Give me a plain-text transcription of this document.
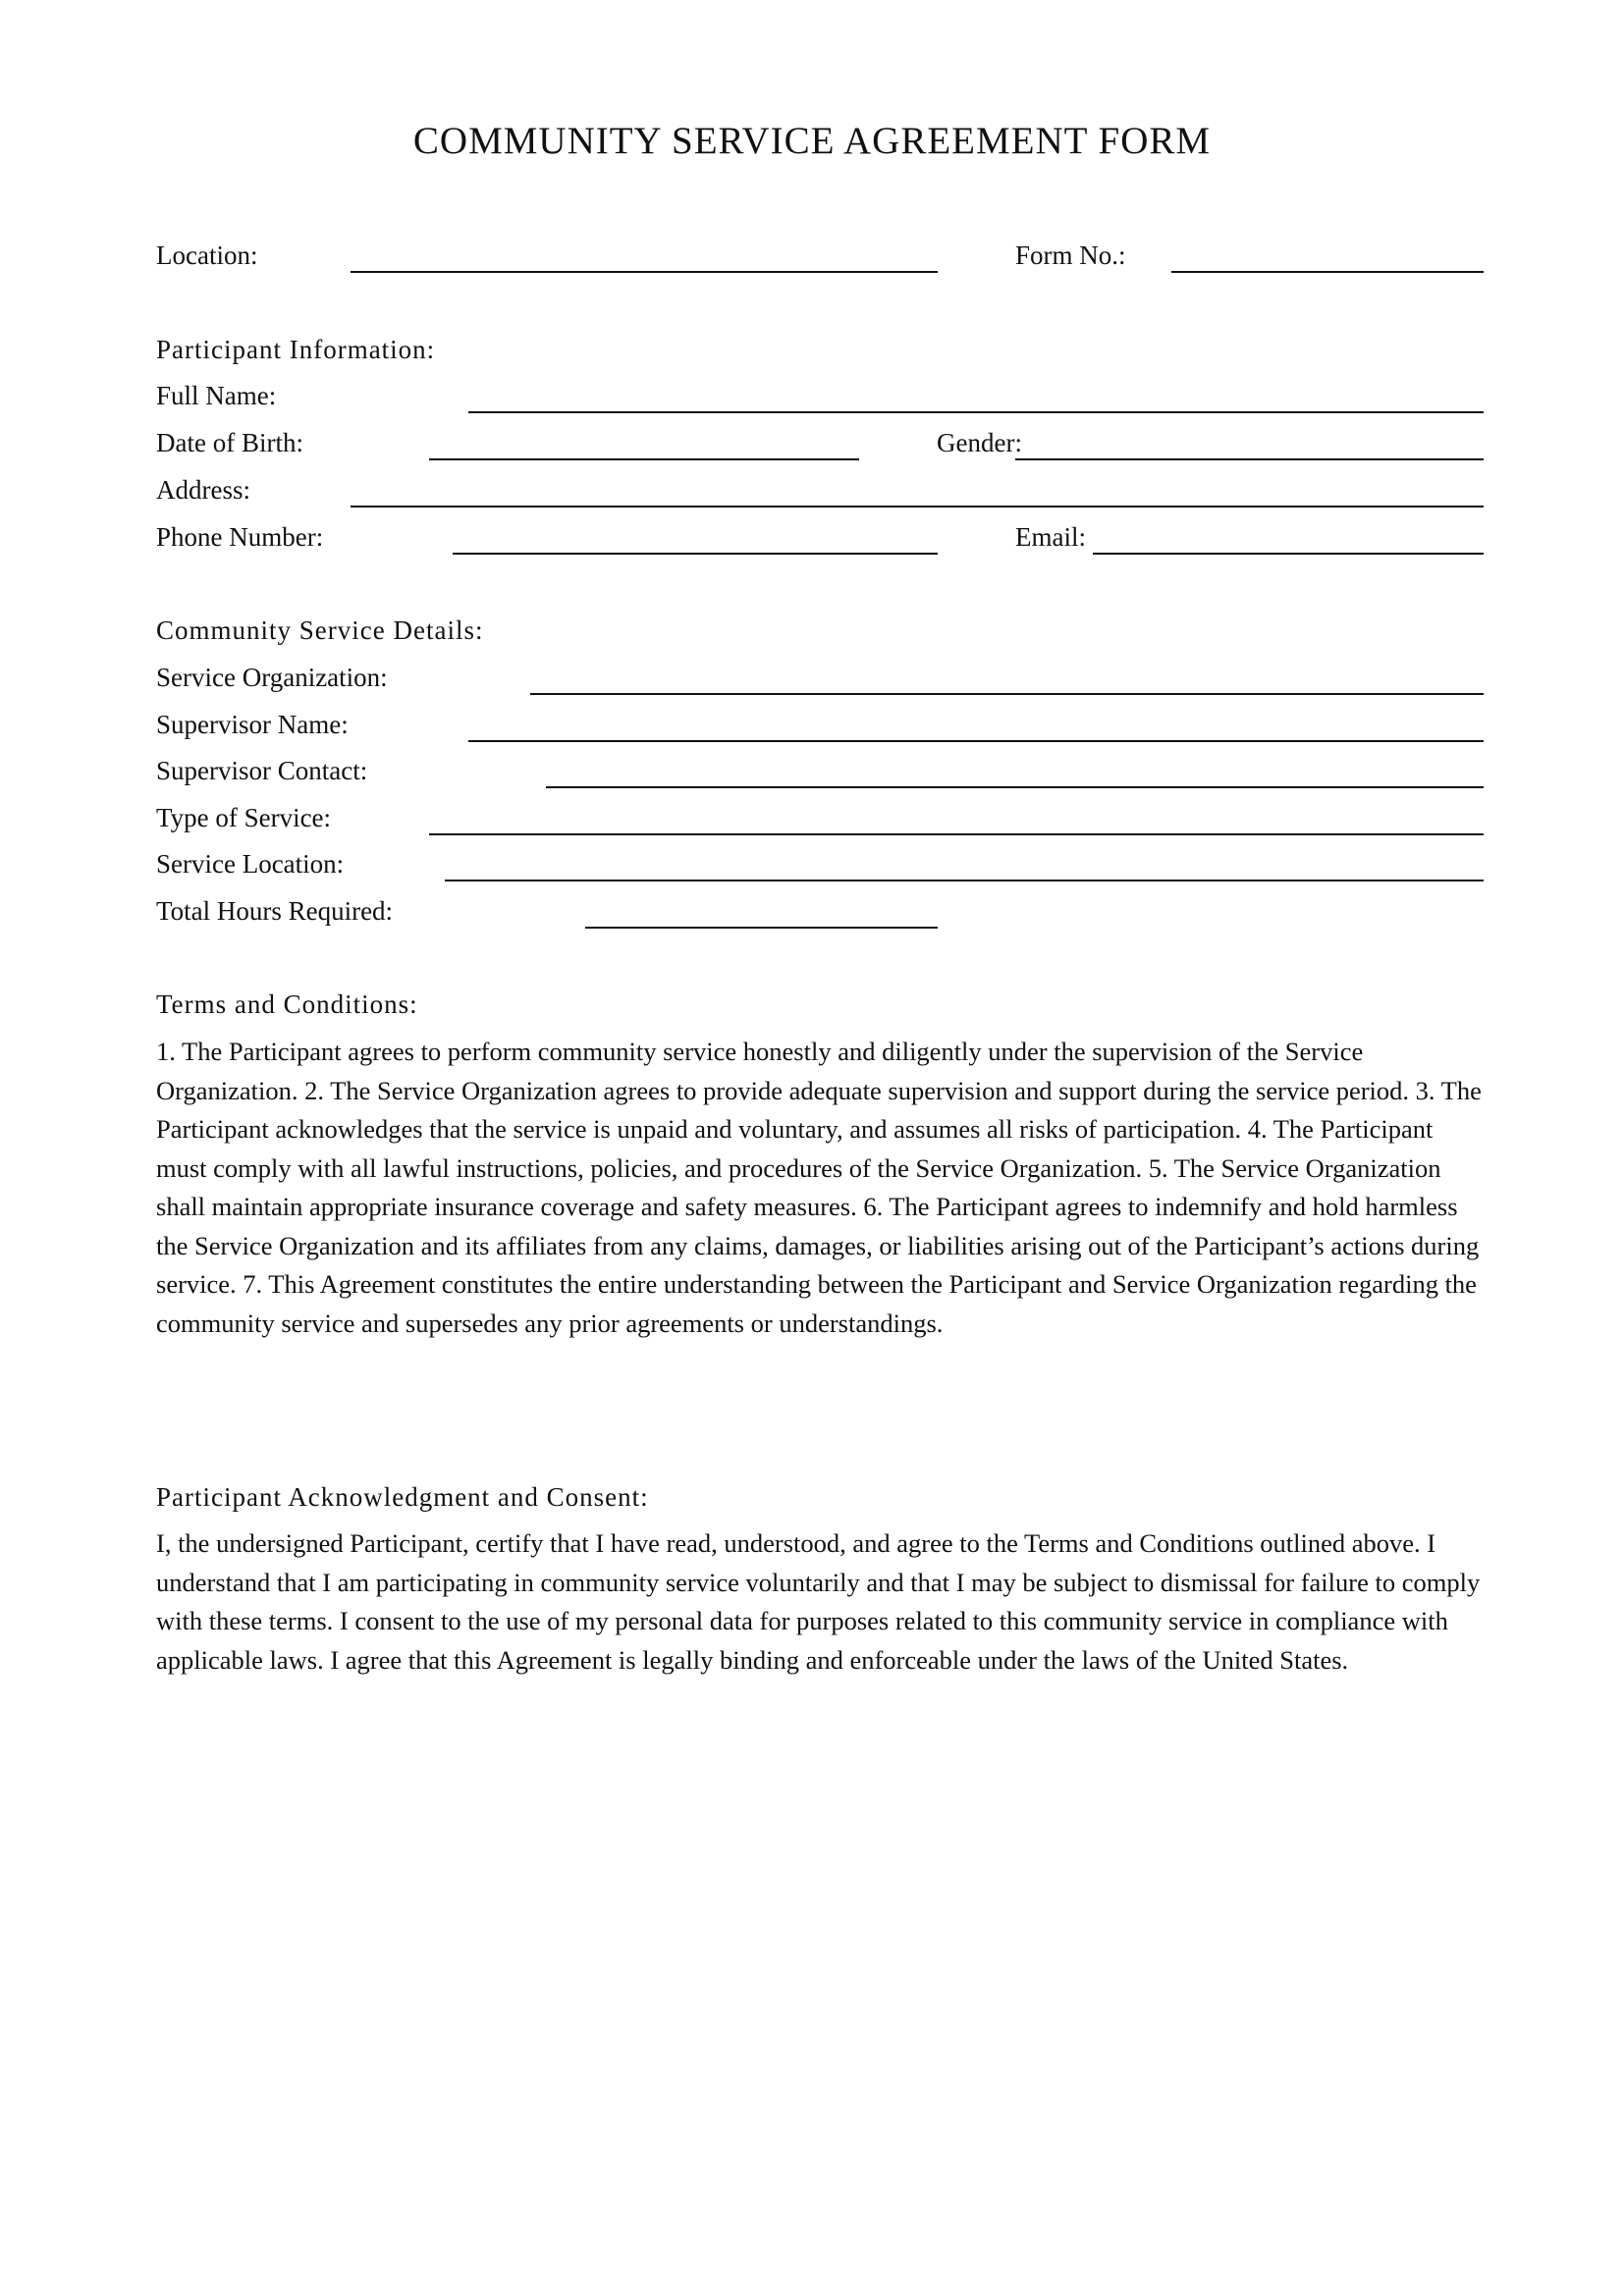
COMMUNITY SERVICE AGREEMENT FORM
Location:	Form No.:
Participant Information:
Full Name:
Date of Birth:	Gender:
Address:
Phone Number:	Email:
Community Service Details:
Service Organization:
Supervisor Name:
Supervisor Contact:
Type of Service:
Service Location:
Total Hours Required:
Terms and Conditions:
1. The Participant agrees to perform community service honestly and diligently under the supervision of the Service Organization. 2. The Service Organization agrees to provide adequate supervision and support during the service period. 3. The Participant acknowledges that the service is unpaid and voluntary, and assumes all risks of participation. 4. The Participant must comply with all lawful instructions, policies, and procedures of the Service Organization. 5. The Service Organization shall maintain appropriate insurance coverage and safety measures. 6. The Participant agrees to indemnify and hold harmless the Service Organization and its affiliates from any claims, damages, or liabilities arising out of the Participant’s actions during service. 7. This Agreement constitutes the entire understanding between the Participant and Service Organization regarding the community service and supersedes any prior agreements or understandings.
Participant Acknowledgment and Consent:
I, the undersigned Participant, certify that I have read, understood, and agree to the Terms and Conditions outlined above. I understand that I am participating in community service voluntarily and that I may be subject to dismissal for failure to comply with these terms. I consent to the use of my personal data for purposes related to this community service in compliance with applicable laws. I agree that this Agreement is legally binding and enforceable under the laws of the United States.
